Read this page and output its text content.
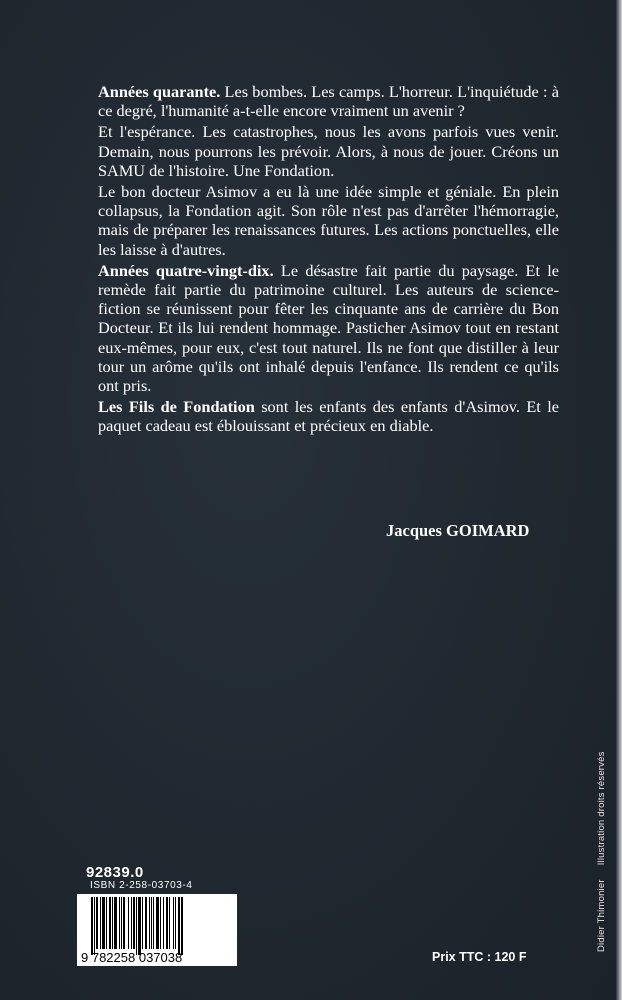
Années quarante. Les bombes. Les camps. L'horreur. L'inquiétude : à ce degré, l'humanité a-t-elle encore vraiment un avenir ?

Et l'espérance. Les catastrophes, nous les avons parfois vues venir. Demain, nous pourrons les prévoir. Alors, à nous de jouer. Créons un SAMU de l'histoire. Une Fondation.

Le bon docteur Asimov a eu là une idée simple et géniale. En plein collapsus, la Fondation agit. Son rôle n'est pas d'arrêter l'hémorragie, mais de préparer les renaissances futures. Les actions ponctuelles, elle les laisse à d'autres.

Années quatre-vingt-dix. Le désastre fait partie du paysage. Et le remède fait partie du patrimoine culturel. Les auteurs de science-fiction se réunissent pour fêter les cinquante ans de carrière du Bon Docteur. Et ils lui rendent hommage. Pasticher Asimov tout en restant eux-mêmes, pour eux, c'est tout naturel. Ils ne font que distiller à leur tour un arôme qu'ils ont inhalé depuis l'enfance. Ils rendent ce qu'ils ont pris.

Les Fils de Fondation sont les enfants des enfants d'Asimov. Et le paquet cadeau est éblouissant et précieux en diable.

Jacques GOIMARD
92839.0
ISBN 2-258-03703-4
9 782258 037038	Prix TTC : 120 F
Didier ThimonierIllustration droits réservés
